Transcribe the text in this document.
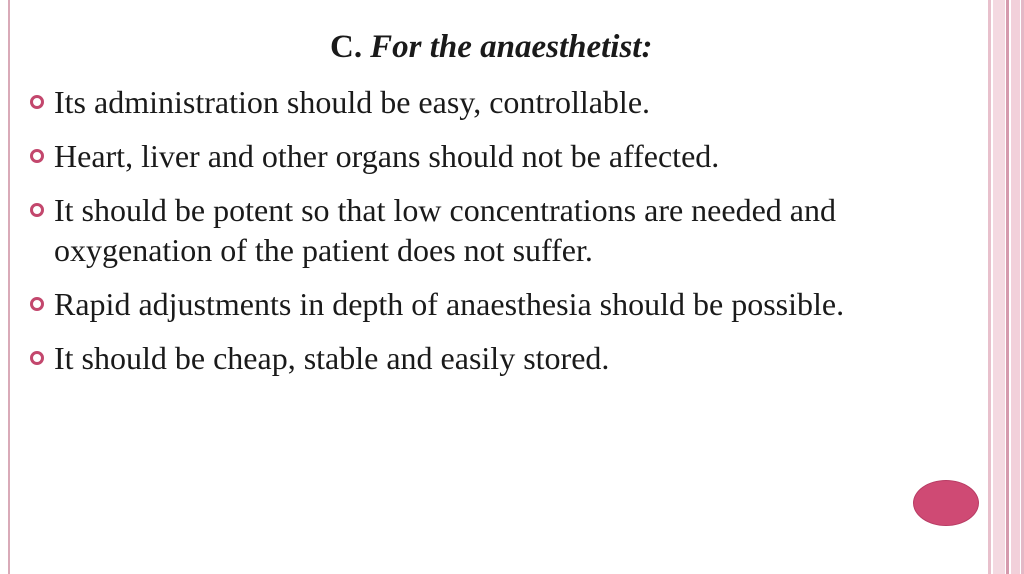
C. For the anaesthetist:
Its administration should be easy, controllable.
Heart, liver and other organs should not be affected.
It should be potent so that low concentrations are needed and oxygenation of the patient does not suffer.
Rapid adjustments in depth of anaesthesia should be possible.
It should be cheap, stable and easily stored.
